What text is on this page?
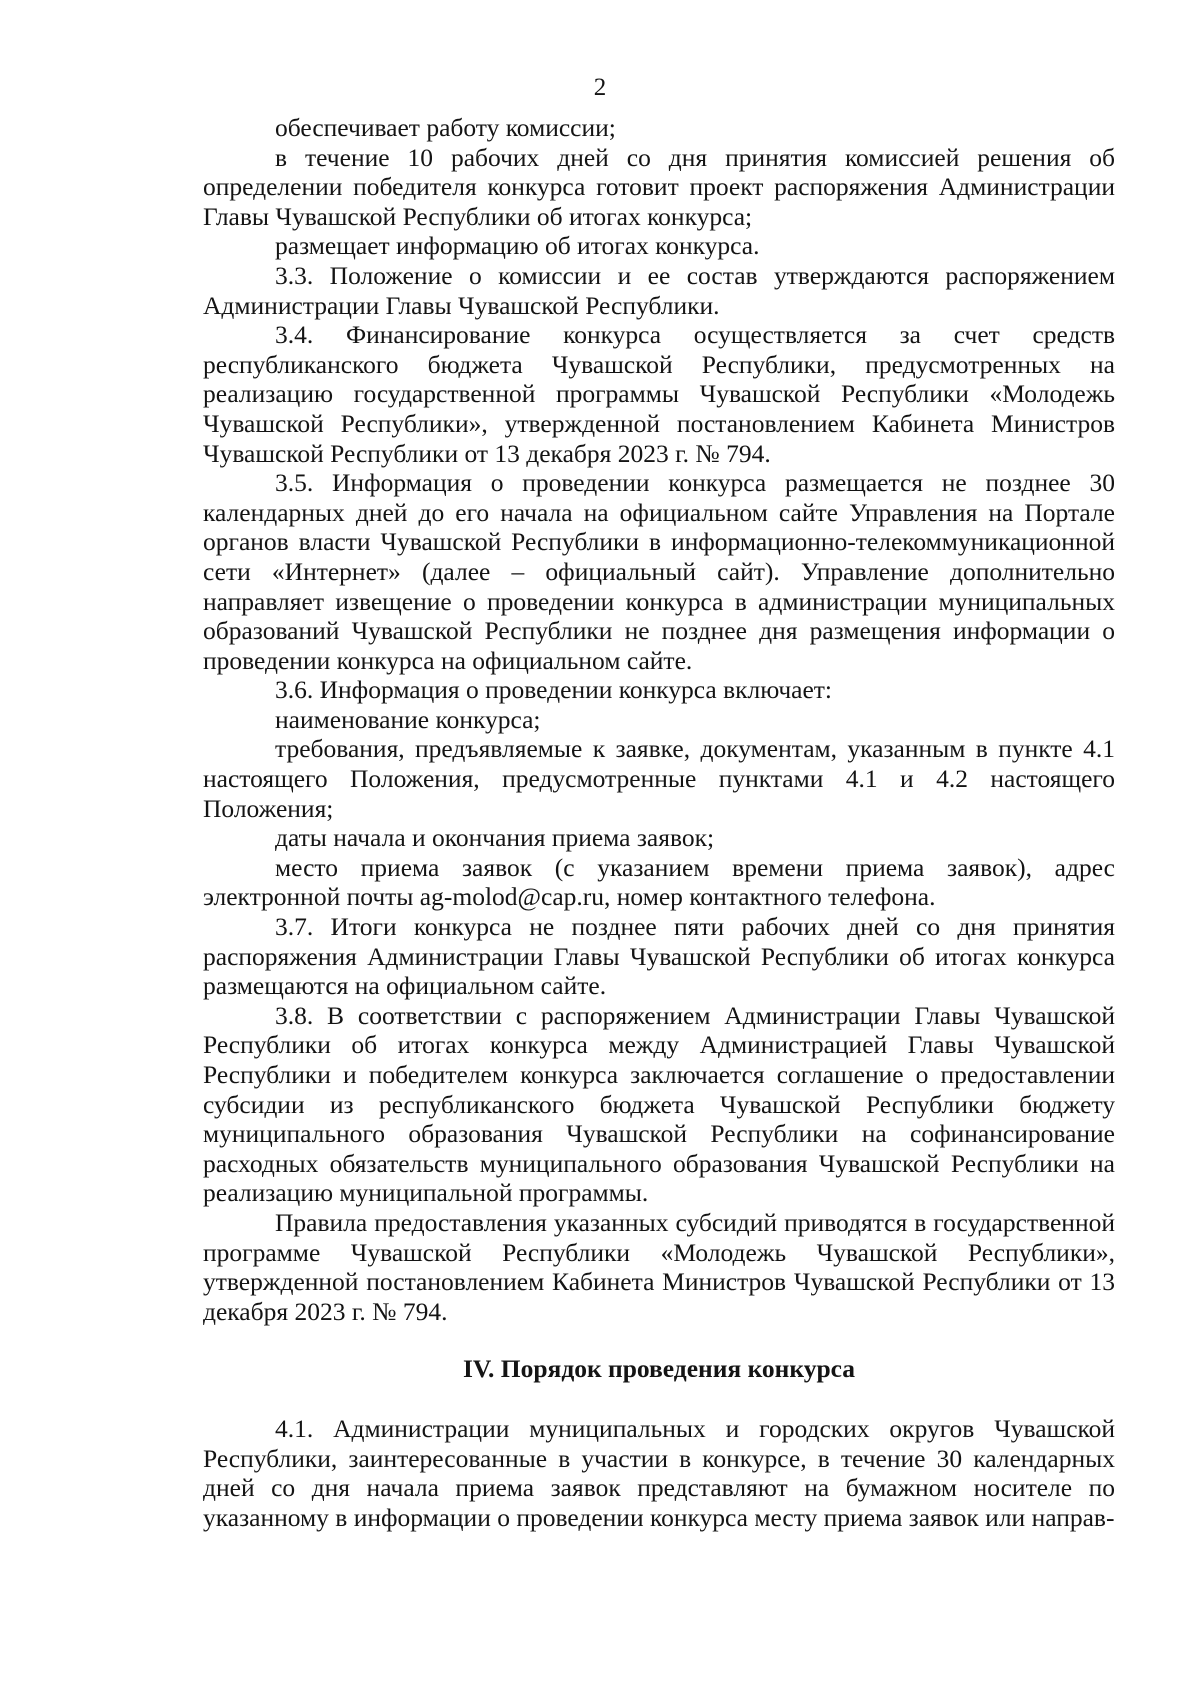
2

обеспечивает работу комиссии;

в течение 10 рабочих дней со дня принятия комиссией решения об определении победителя конкурса готовит проект распоряжения Администрации Главы Чувашской Республики об итогах конкурса;

размещает информацию об итогах конкурса.

3.3. Положение о комиссии и ее состав утверждаются распоряжением Администрации Главы Чувашской Республики.

3.4. Финансирование конкурса осуществляется за счет средств республиканского бюджета Чувашской Республики, предусмотренных на реализацию государственной программы Чувашской Республики «Молодежь Чувашской Республики», утвержденной постановлением Кабинета Министров Чувашской Республики от 13 декабря 2023 г. № 794.

3.5. Информация о проведении конкурса размещается не позднее 30 календарных дней до его начала на официальном сайте Управления на Портале органов власти Чувашской Республики в информационно-телекоммуникационной сети «Интернет» (далее – официальный сайт). Управление дополнительно направляет извещение о проведении конкурса в администрации муниципальных образований Чувашской Республики не позднее дня размещения информации о проведении конкурса на официальном сайте.

3.6. Информация о проведении конкурса включает:

наименование конкурса;

требования, предъявляемые к заявке, документам, указанным в пункте 4.1 настоящего Положения, предусмотренные пунктами 4.1 и 4.2 настоящего Положения;

даты начала и окончания приема заявок;

место приема заявок (с указанием времени приема заявок), адрес электронной почты ag-molod@cap.ru, номер контактного телефона.

3.7. Итоги конкурса не позднее пяти рабочих дней со дня принятия распоряжения Администрации Главы Чувашской Республики об итогах конкурса размещаются на официальном сайте.

3.8. В соответствии с распоряжением Администрации Главы Чувашской Республики об итогах конкурса между Администрацией Главы Чувашской Республики и победителем конкурса заключается соглашение о предоставлении субсидии из республиканского бюджета Чувашской Республики бюджету муниципального образования Чувашской Республики на софинансирование расходных обязательств муниципального образования Чувашской Республики на реализацию муниципальной программы.

Правила предоставления указанных субсидий приводятся в государственной программе Чувашской Республики «Молодежь Чувашской Республики», утвержденной постановлением Кабинета Министров Чувашской Республики от 13 декабря 2023 г. № 794.

IV. Порядок проведения конкурса

4.1. Администрации муниципальных и городских округов Чувашской Республики, заинтересованные в участии в конкурсе, в течение 30 календарных дней со дня начала приема заявок представляют на бумажном носителе по указанному в информации о проведении конкурса месту приема заявок или направ-
